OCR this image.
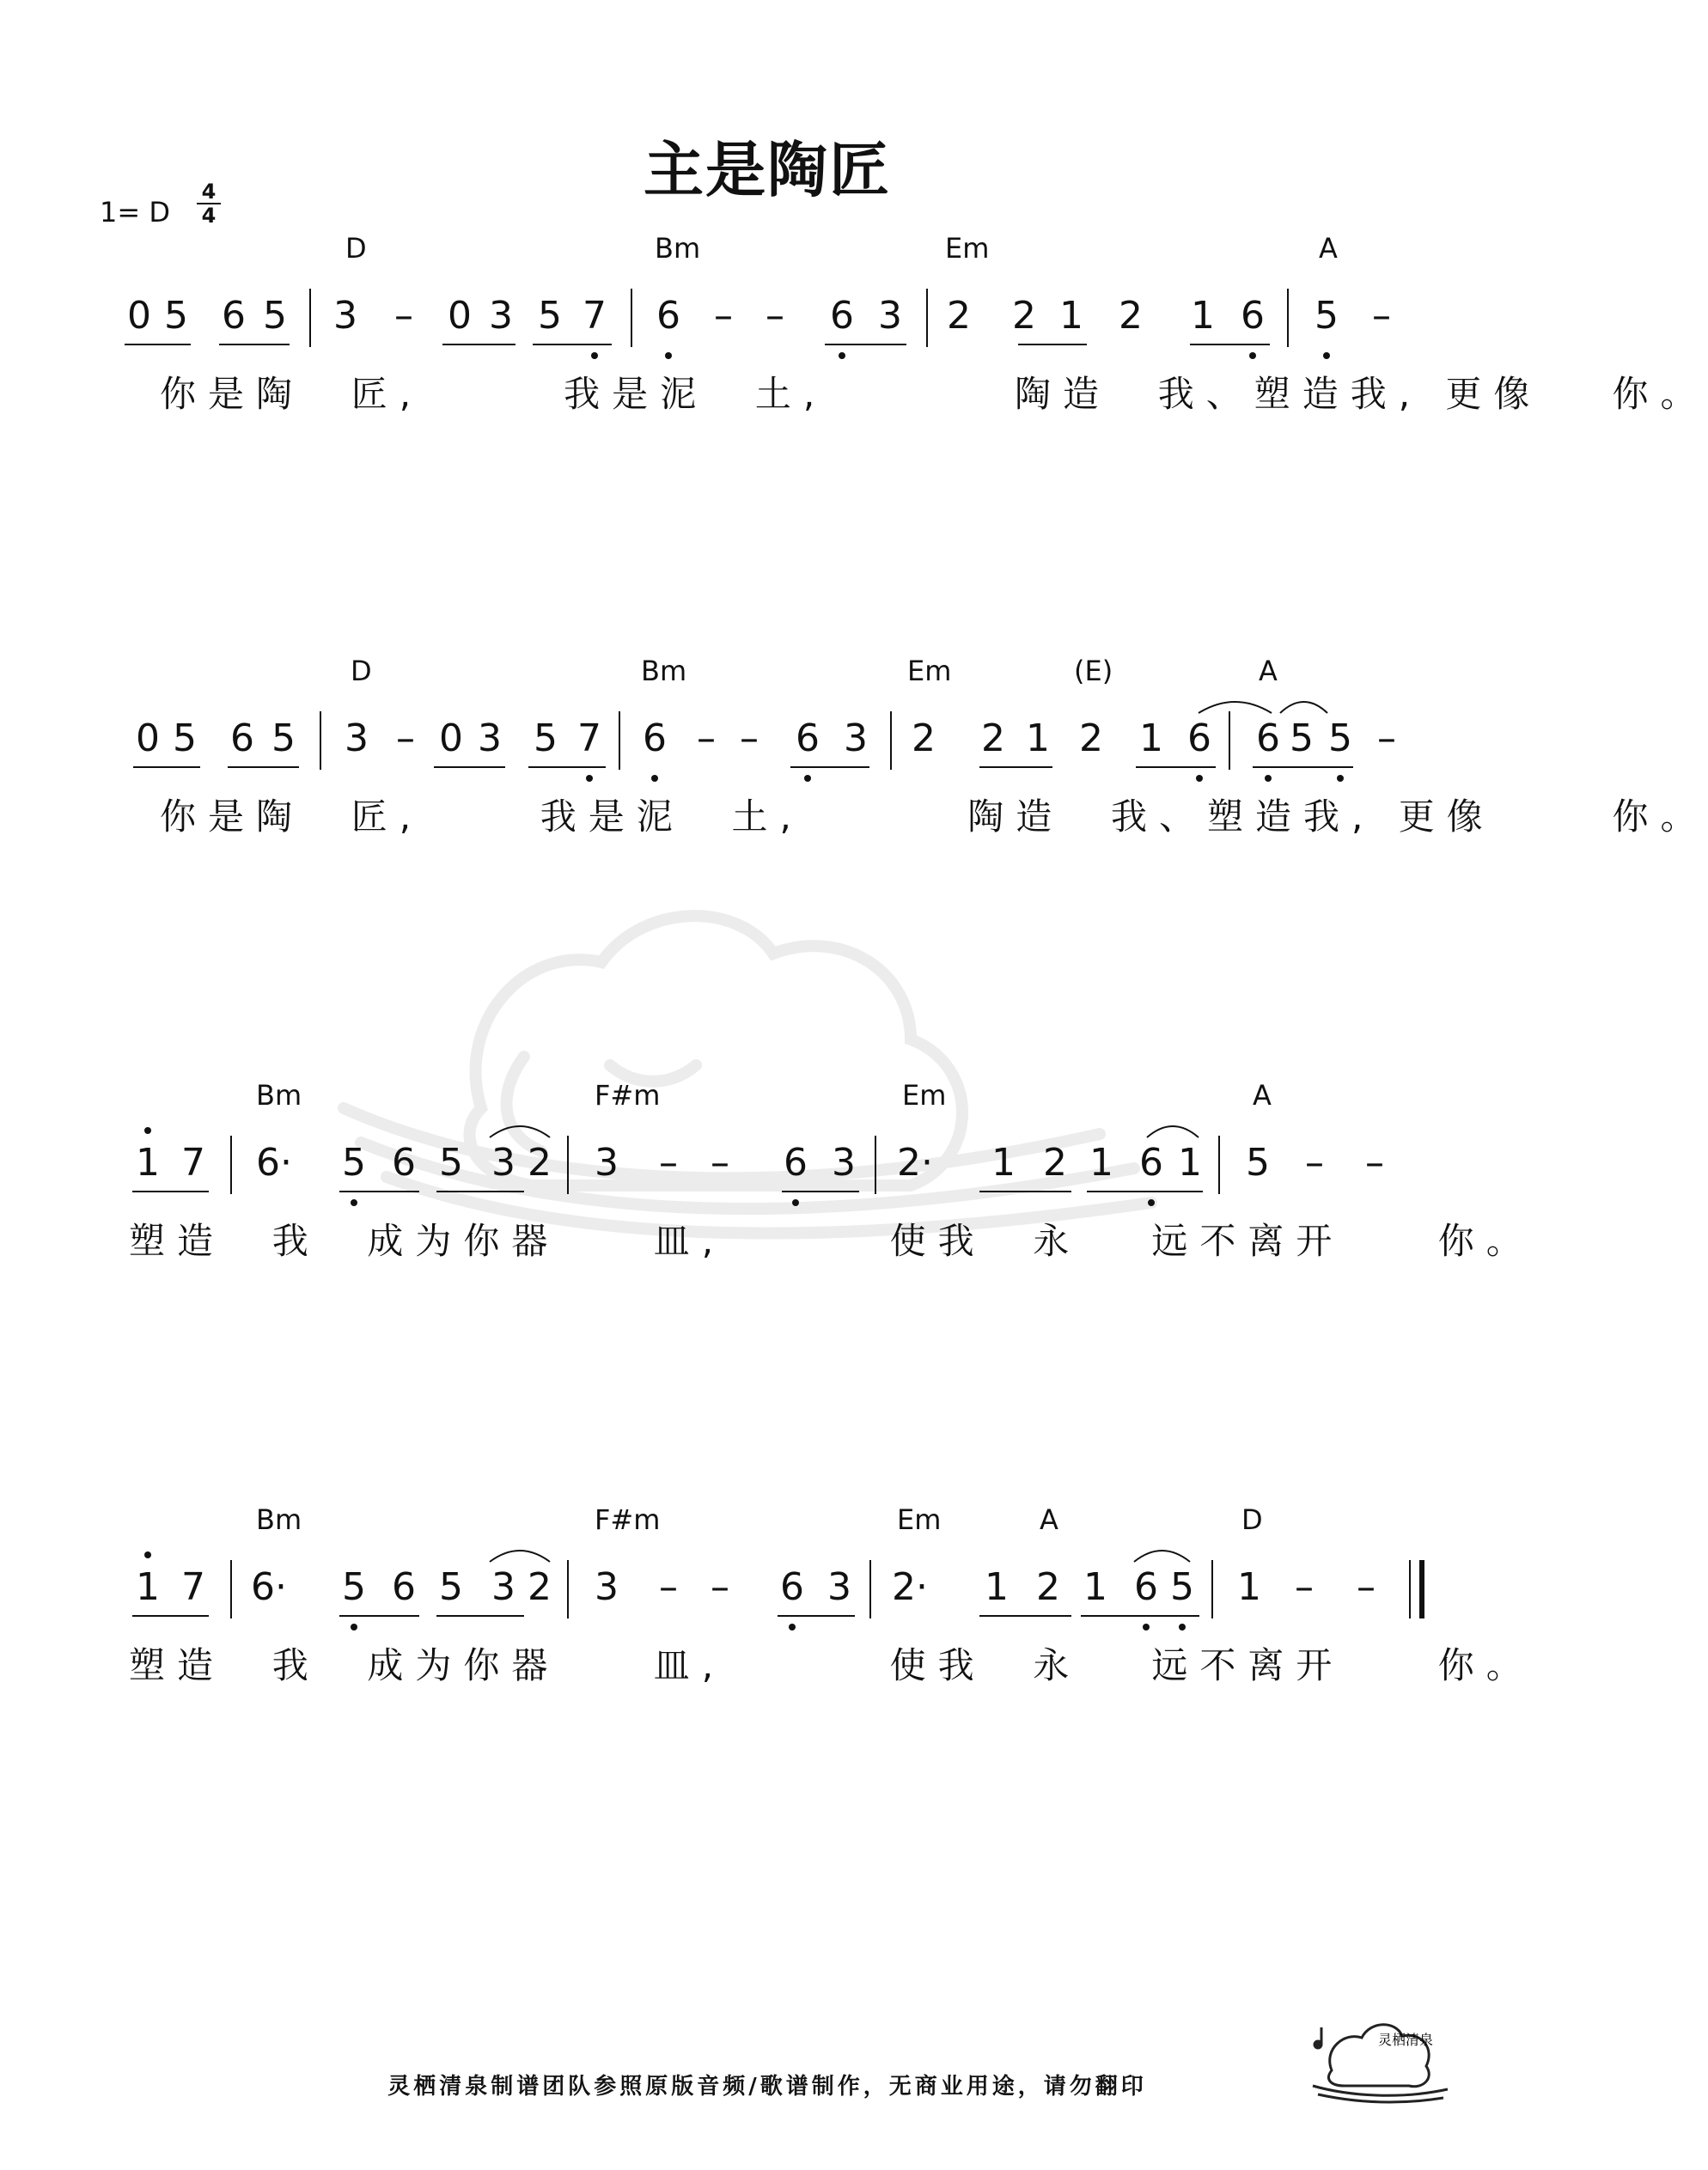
主是陶匠
1= D
4
4
D	Bm	Em	A
0 5 6 5 3 – 0 3 5 7 6 – – 6 3 2 2 1 2 1 6 5 –
你是陶  匠,      我是泥  土,        陶造  我、塑造我, 更像   你。
D	Bm	Em	(E)	A
0 5 6 5 3 – 0 3 5 7 6 – – 6 3 2 2 1 2 1 6 6 5 5 –
你是陶  匠,     我是泥  土,       陶造  我、塑造我, 更像     你。
Bm	F#m	Em	A
1 7 6· 5 6 5 3 2 3 – – 6 3 2· 1 2 1 6 1 5 – –
塑造  我  成为你器    皿,       使我  永   远不离开    你。
Bm	F#m	Em	A	D
1 7 6· 5 6 5 3 2 3 – – 6 3 2· 1 2 1 6 5 1 – –
塑造  我  成为你器    皿,       使我  永   远不离开    你。
灵栖清泉制谱团队参照原版音频/歌谱制作，无商业用途，请勿翻印
灵栖清泉
